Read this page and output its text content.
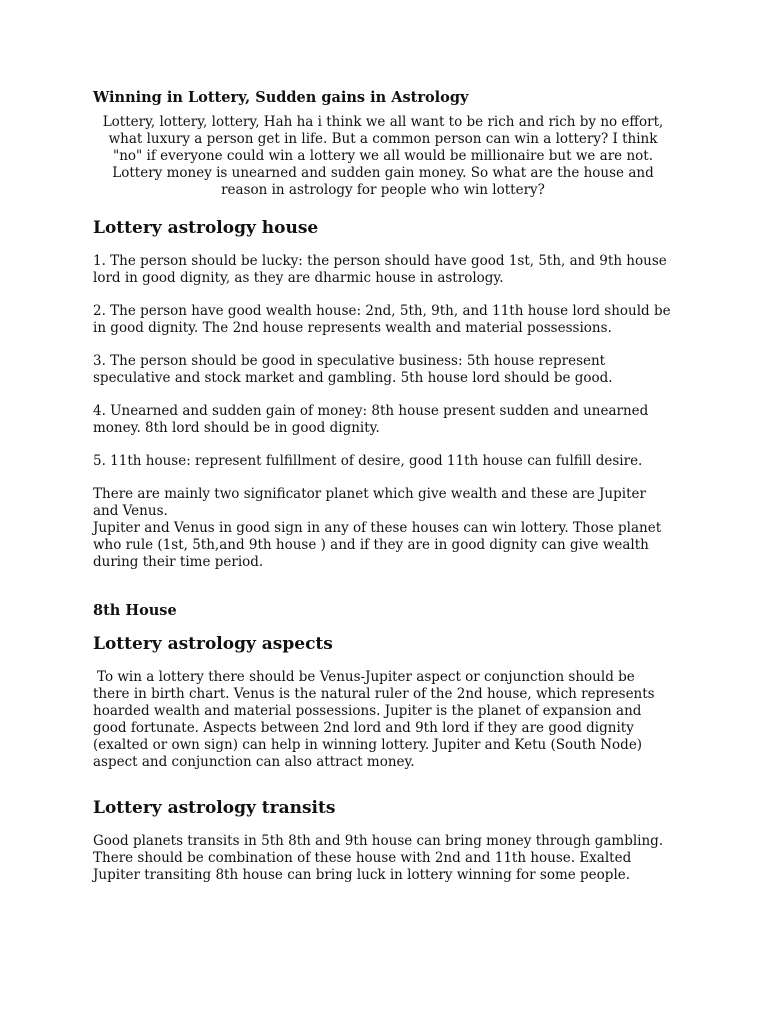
Winning in Lottery, Sudden gains in Astrology

Lottery, lottery, lottery, Hah ha i think we all want to be rich and rich by no effort, what luxury a person get in life. But a common person can win a lottery? I think "no" if everyone could win a lottery we all would be millionaire but we are not. Lottery money is unearned and sudden gain money. So what are the house and reason in astrology for people who win lottery?

Lottery astrology house

1. The person should be lucky: the person should have good 1st, 5th, and 9th house lord in good dignity, as they are dharmic house in astrology.

2. The person have good wealth house: 2nd, 5th, 9th, and 11th house lord should be in good dignity. The 2nd house represents wealth and material possessions.

3. The person should be good in speculative business: 5th house represent speculative and stock market and gambling. 5th house lord should be good.

4. Unearned and sudden gain of money: 8th house present sudden and unearned money. 8th lord should be in good dignity.

5. 11th house: represent fulfillment of desire, good 11th house can fulfill desire.

There are mainly two significator planet which give wealth and these are Jupiter and Venus.

Jupiter and Venus in good sign in any of these houses can win lottery. Those planet who rule (1st, 5th,and 9th house ) and if they are in good dignity can give wealth during their time period.

8th House
Lottery astrology aspects

To win a lottery there should be Venus-Jupiter aspect or conjunction should be there in birth chart. Venus is the natural ruler of the 2nd house, which represents hoarded wealth and material possessions. Jupiter is the planet of expansion and good fortunate. Aspects between 2nd lord and 9th lord if they are good dignity (exalted or own sign) can help in winning lottery. Jupiter and Ketu (South Node) aspect and conjunction can also attract money.

Lottery astrology transits

Good planets transits in 5th 8th and 9th house can bring money through gambling. There should be combination of these house with 2nd and 11th house. Exalted Jupiter transiting 8th house can bring luck in lottery winning for some people.
